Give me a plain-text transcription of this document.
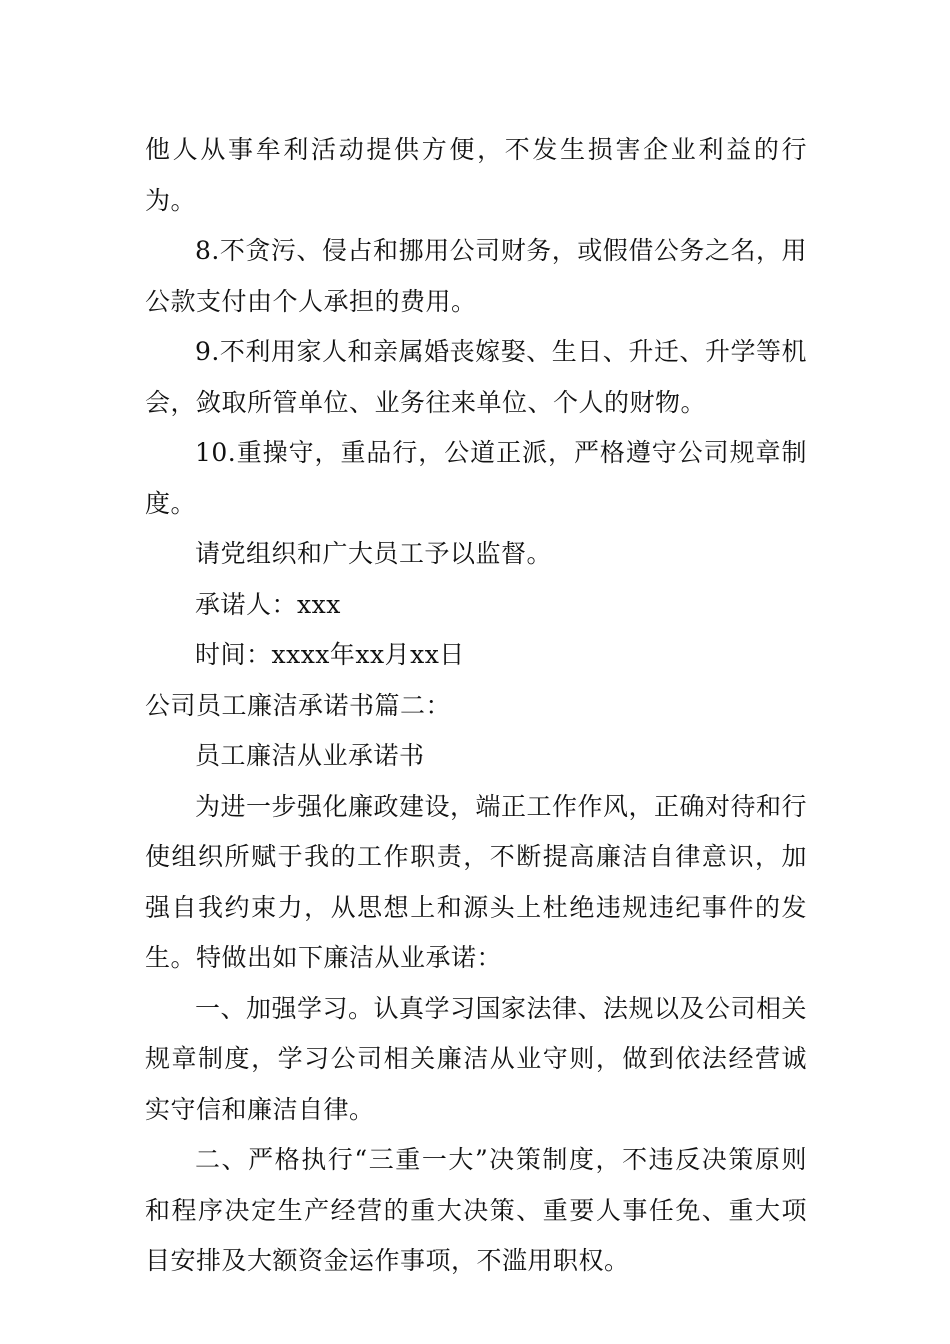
他人从事牟利活动提供方便，不发生损害企业利益的行为。

8.不贪污、侵占和挪用公司财务，或假借公务之名，用公款支付由个人承担的费用。

9.不利用家人和亲属婚丧嫁娶、生日、升迁、升学等机会，敛取所管单位、业务往来单位、个人的财物。

10.重操守，重品行，公道正派，严格遵守公司规章制度。

请党组织和广大员工予以监督。

承诺人：xxx

时间：xxxx年xx月xx日

公司员工廉洁承诺书篇二：

员工廉洁从业承诺书

为进一步强化廉政建设，端正工作作风，正确对待和行使组织所赋于我的工作职责，不断提高廉洁自律意识，加强自我约束力，从思想上和源头上杜绝违规违纪事件的发生。特做出如下廉洁从业承诺：

一、加强学习。认真学习国家法律、法规以及公司相关规章制度，学习公司相关廉洁从业守则，做到依法经营诚实守信和廉洁自律。

二、严格执行“三重一大”决策制度，不违反决策原则和程序决定生产经营的重大决策、重要人事任免、重大项目安排及大额资金运作事项，不滥用职权。
